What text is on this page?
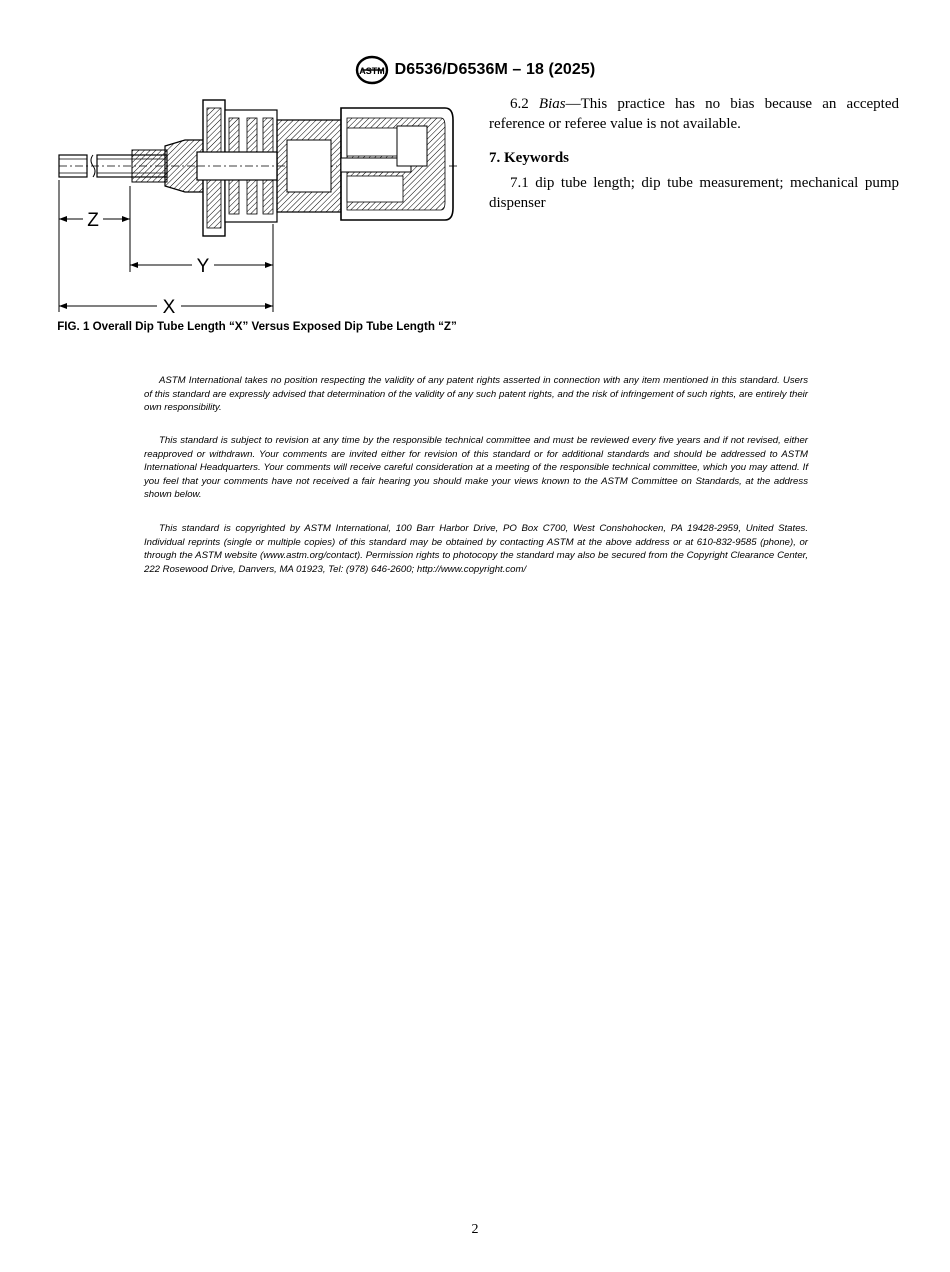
ASTM D6536/D6536M – 18 (2025)
Z
Y
X
FIG. 1 Overall Dip Tube Length “X” Versus Exposed Dip Tube Length “Z”

6.2 Bias—This practice has no bias because an accepted reference or referee value is not available.

7. Keywords

7.1 dip tube length; dip tube measurement; mechanical pump dispenser

ASTM International takes no position respecting the validity of any patent rights asserted in connection with any item mentioned in this standard. Users of this standard are expressly advised that determination of the validity of any such patent rights, and the risk of infringement of such rights, are entirely their own responsibility.

This standard is subject to revision at any time by the responsible technical committee and must be reviewed every five years and if not revised, either reapproved or withdrawn. Your comments are invited either for revision of this standard or for additional standards and should be addressed to ASTM International Headquarters. Your comments will receive careful consideration at a meeting of the responsible technical committee, which you may attend. If you feel that your comments have not received a fair hearing you should make your views known to the ASTM Committee on Standards, at the address shown below.

This standard is copyrighted by ASTM International, 100 Barr Harbor Drive, PO Box C700, West Conshohocken, PA 19428-2959, United States. Individual reprints (single or multiple copies) of this standard may be obtained by contacting ASTM at the above address or at 610-832-9585 (phone), or through the ASTM website (www.astm.org/contact). Permission rights to photocopy the standard may also be secured from the Copyright Clearance Center, 222 Rosewood Drive, Danvers, MA 01923, Tel: (978) 646-2600; http://www.copyright.com/

2
